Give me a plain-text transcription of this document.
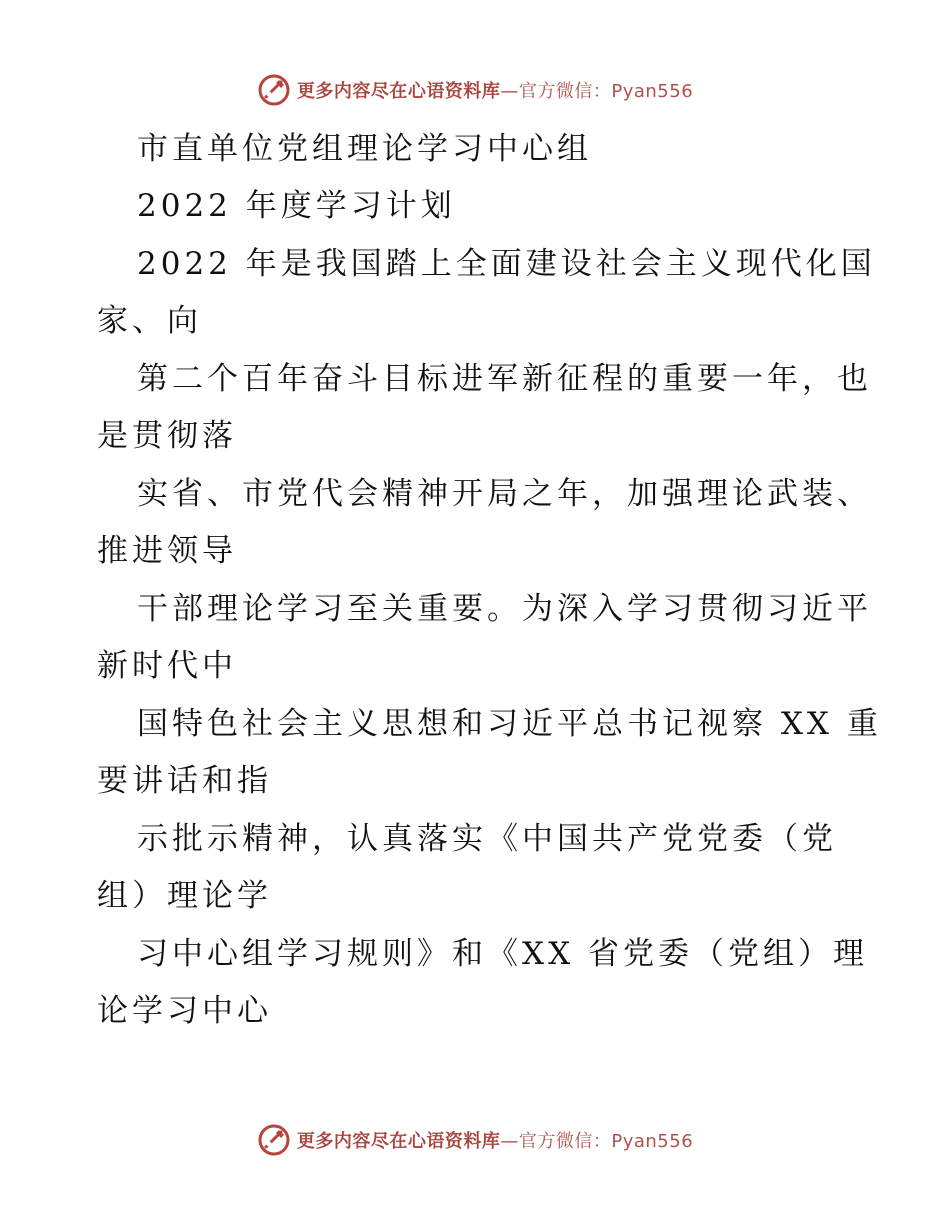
更多内容尽在心语资料库—官方微信：Pyan556
市直单位党组理论学习中心组
2022 年度学习计划
2022 年是我国踏上全面建设社会主义现代化国
家、向
第二个百年奋斗目标进军新征程的重要一年，也
是贯彻落
实省、市党代会精神开局之年，加强理论武装、
推进领导
干部理论学习至关重要。为深入学习贯彻习近平
新时代中
国特色社会主义思想和习近平总书记视察 XX 重
要讲话和指
示批示精神，认真落实《中国共产党党委（党
组）理论学
习中心组学习规则》和《XX 省党委（党组）理
论学习中心
更多内容尽在心语资料库—官方微信：Pyan556
